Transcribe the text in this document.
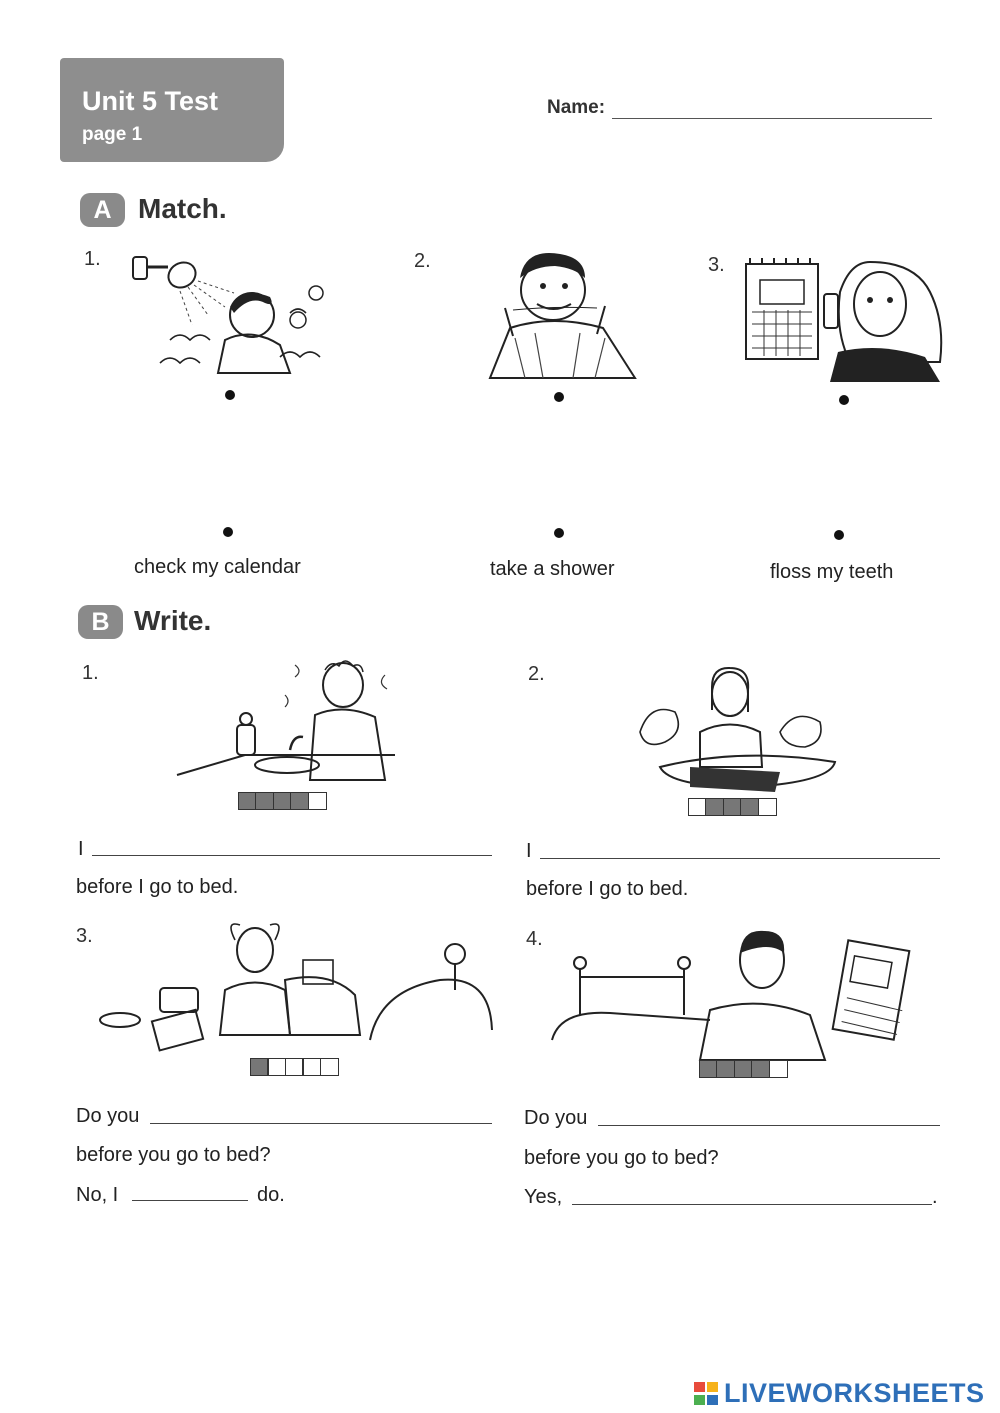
Unit 5 Test
page 1
Name:
A Match.
1.	2.	3.
check my calendar	take a shower	floss my teeth
B Write.
1.
I
before I go to bed.
2.
I
before I go to bed.
3.
Do you
before you go to bed?
No, I	do.
4.
Do you
before you go to bed?
Yes,	.
LIVEWORKSHEETS
